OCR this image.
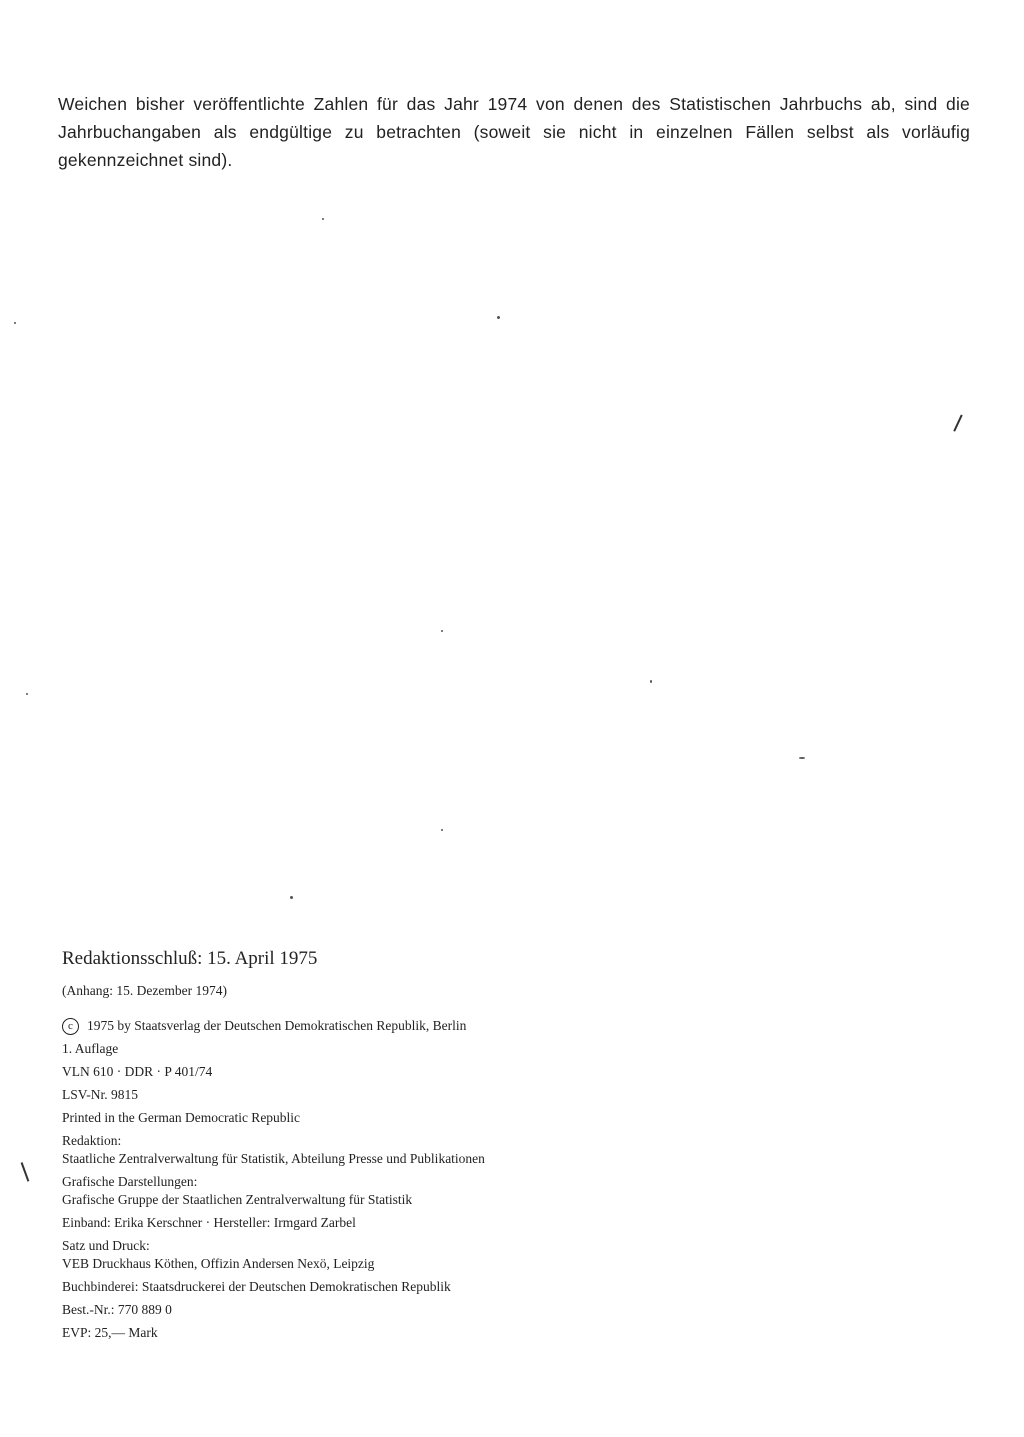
Weichen bisher veröffentlichte Zahlen für das Jahr 1974 von denen des Statistischen Jahrbuchs ab, sind die Jahrbuchangaben als endgültige zu betrachten (soweit sie nicht in einzelnen Fällen selbst als vorläufig gekennzeichnet sind).

Redaktionsschluß: 15. April 1975

(Anhang: 15. Dezember 1974)

c	1975 by Staatsverlag der Deutschen Demokratischen Republik, Berlin

1. Auflage

VLN 610 · DDR · P 401/74

LSV-Nr. 9815

Printed in the German Democratic Republic

Redaktion:

Staatliche Zentralverwaltung für Statistik, Abteilung Presse und Publikationen

Grafische Darstellungen:

Grafische Gruppe der Staatlichen Zentralverwaltung für Statistik

Einband: Erika Kerschner · Hersteller: Irmgard Zarbel

Satz und Druck:

VEB Druckhaus Köthen, Offizin Andersen Nexö, Leipzig

Buchbinderei: Staatsdruckerei der Deutschen Demokratischen Republik

Best.-Nr.: 770 889 0

EVP: 25,— Mark
